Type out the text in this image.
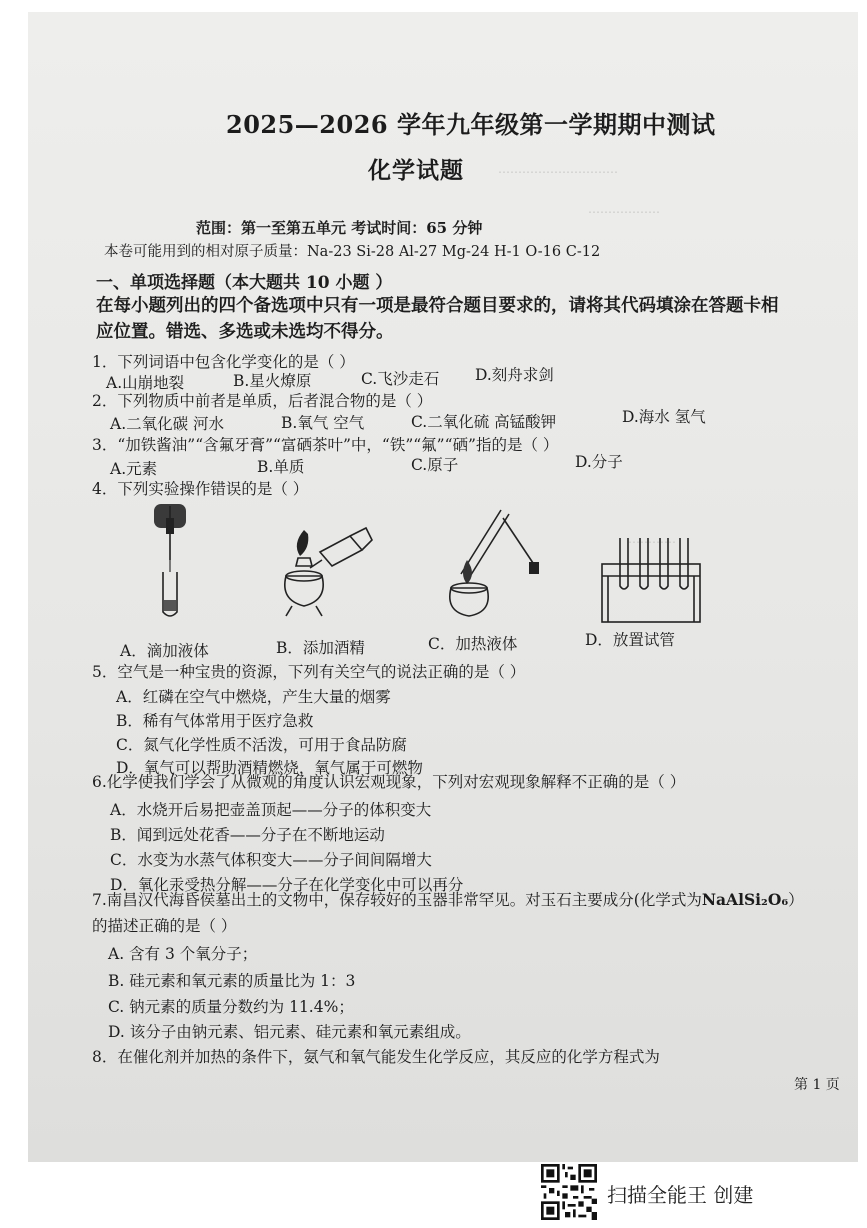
…………………………
………………
…………
2025—2026 学年九年级第一学期期中测试
化学试题
范围：第一至第五单元 考试时间：65 分钟
本卷可能用到的相对原子质量：Na-23 Si-28 Al-27 Mg-24 H-1 O-16 C-12
一、单项选择题（本大题共 10 小题 ）
在每小题列出的四个备选项中只有一项是最符合题目要求的，请将其代码填涂在答题卡相
应位置。错选、多选或未选均不得分。
1．下列词语中包含化学变化的是（ ）
A.山崩地裂	B.星火燎原	C.飞沙走石 D.刻舟求剑
2．下列物质中前者是单质，后者混合物的是（ ）
A.二氧化碳 河水	B.氧气 空气	C.二氧化硫 高锰酸钾	D.海水 氢气
3．“加铁酱油”“含氟牙膏”“富硒茶叶”中，“铁”“氟”“硒”指的是（ ）
A.元素	B.单质	C.原子	D.分子
4．下列实验操作错误的是（ ）
A．滴加液体	B．添加酒精	C．加热液体	D．放置试管
5．空气是一种宝贵的资源，下列有关空气的说法正确的是（ ）
A．红磷在空气中燃烧，产生大量的烟雾
B．稀有气体常用于医疗急救
C．氮气化学性质不活泼，可用于食品防腐
D．氧气可以帮助酒精燃烧，氧气属于可燃物
6.化学使我们学会了从微观的角度认识宏观现象，下列对宏观现象解释不正确的是（ ）
A．水烧开后易把壶盖顶起——分子的体积变大
B．闻到远处花香——分子在不断地运动
C．水变为水蒸气体积变大——分子间间隔增大
D．氧化汞受热分解——分子在化学变化中可以再分
7.南昌汉代海昏侯墓出土的文物中，保存较好的玉器非常罕见。对玉石主要成分(化学式为NaAlSi₂O₆）
的描述正确的是（ ）
A. 含有 3 个氧分子；
B. 硅元素和氧元素的质量比为 1：3
C. 钠元素的质量分数约为 11.4%；
D. 该分子由钠元素、铝元素、硅元素和氧元素组成。
8．在催化剂并加热的条件下，氨气和氧气能发生化学反应，其反应的化学方程式为
第 1 页
扫描全能王 创建
